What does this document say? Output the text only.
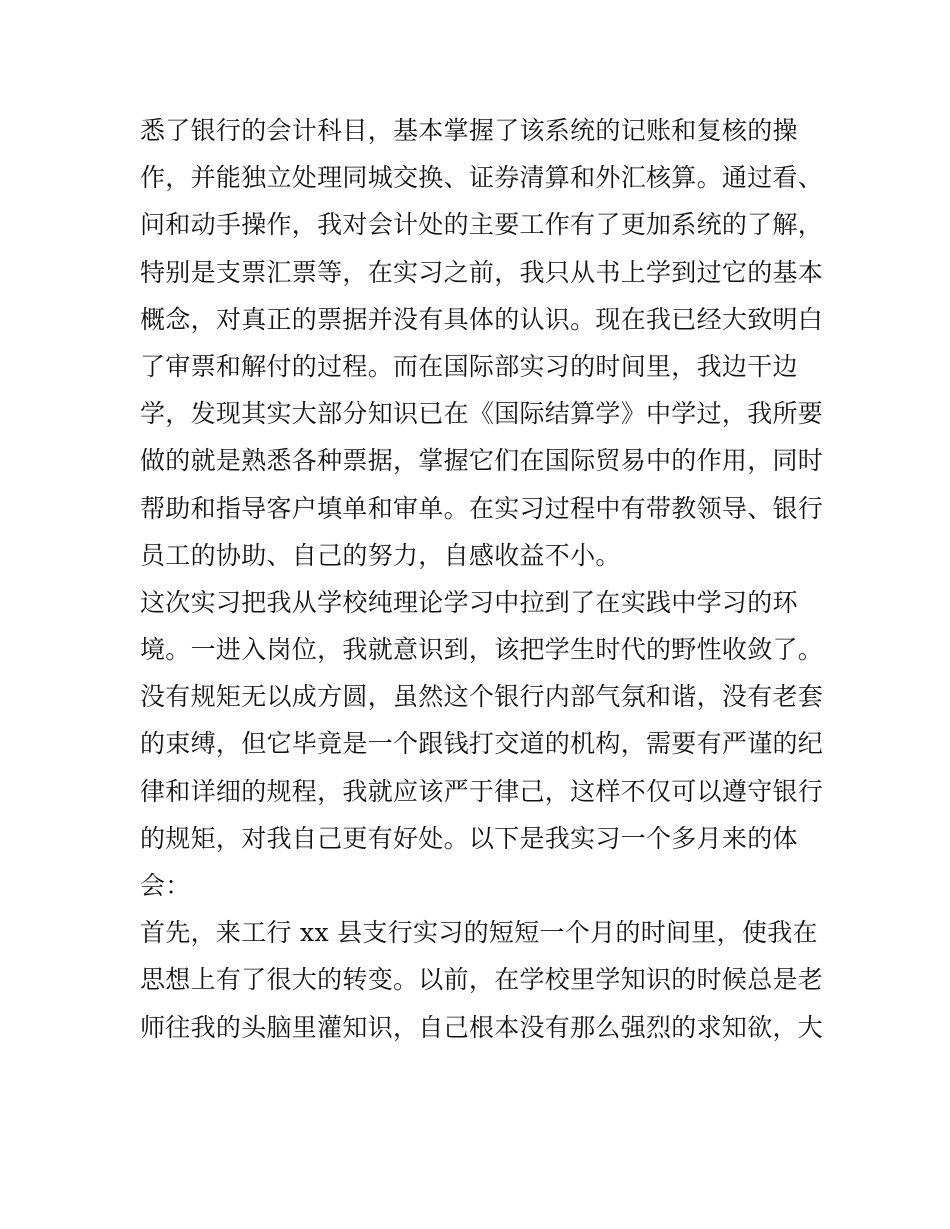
悉了银行的会计科目，基本掌握了该系统的记账和复核的操
作，并能独立处理同城交换、证券清算和外汇核算。通过看、
问和动手操作，我对会计处的主要工作有了更加系统的了解，
特别是支票汇票等，在实习之前，我只从书上学到过它的基本
概念，对真正的票据并没有具体的认识。现在我已经大致明白
了审票和解付的过程。而在国际部实习的时间里，我边干边
学，发现其实大部分知识已在《国际结算学》中学过，我所要
做的就是熟悉各种票据，掌握它们在国际贸易中的作用，同时
帮助和指导客户填单和审单。在实习过程中有带教领导、银行
员工的协助、自己的努力，自感收益不小。
这次实习把我从学校纯理论学习中拉到了在实践中学习的环
境。一进入岗位，我就意识到，该把学生时代的野性收敛了。
没有规矩无以成方圆，虽然这个银行内部气氛和谐，没有老套
的束缚，但它毕竟是一个跟钱打交道的机构，需要有严谨的纪
律和详细的规程，我就应该严于律己，这样不仅可以遵守银行
的规矩，对我自己更有好处。以下是我实习一个多月来的体
会：
首先，来工行 xx 县支行实习的短短一个月的时间里，使我在
思想上有了很大的转变。以前，在学校里学知识的时候总是老
师往我的头脑里灌知识，自己根本没有那么强烈的求知欲，大
